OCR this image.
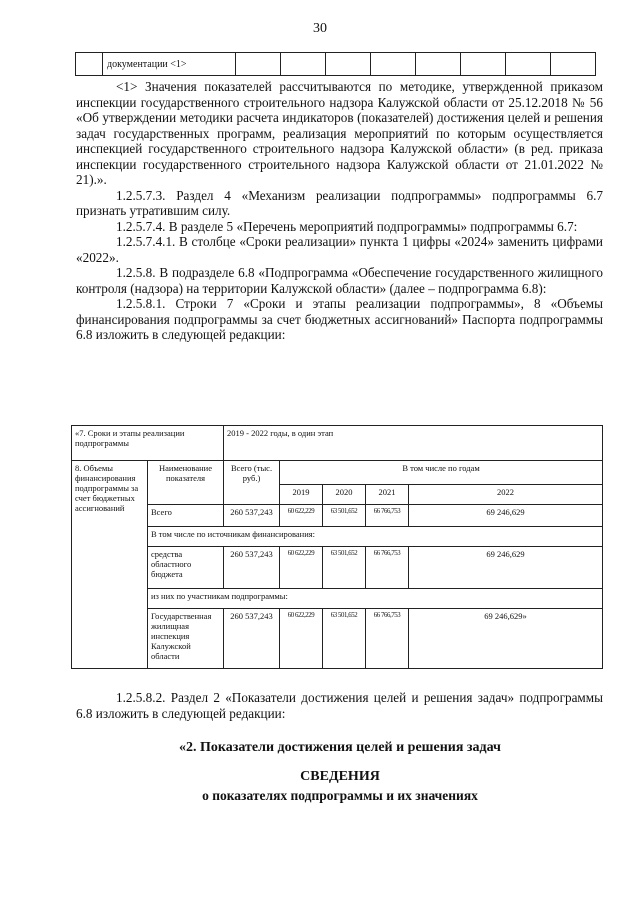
30
	документации <1>								

<1> Значения показателей рассчитываются по методике, утвержденной приказом инспекции государственного строительного надзора Калужской области от 25.12.2018 № 56 «Об утверждении методики расчета индикаторов (показателей) достижения целей и решения задач государственных программ, реализация мероприятий по которым осуществляется инспекцией государственного строительного надзора Калужской области» (в ред. приказа инспекции государственного строительного надзора Калужской области от 21.01.2022 № 21).».

1.2.5.7.3. Раздел 4 «Механизм реализации подпрограммы» подпрограммы 6.7 признать утратившим силу.

1.2.5.7.4. В разделе 5 «Перечень мероприятий подпрограммы» подпрограммы 6.7:

1.2.5.7.4.1. В столбце «Сроки реализации» пункта 1 цифры «2024» заменить цифрами «2022».

1.2.5.8. В подразделе 6.8 «Подпрограмма «Обеспечение государственного жилищного контроля (надзора) на территории Калужской области» (далее – подпрограмма 6.8):

1.2.5.8.1. Строки 7 «Сроки и этапы реализации подпрограммы», 8 «Объемы финансирования подпрограммы за счет бюджетных ассигнований» Паспорта подпрограммы 6.8 изложить в следующей редакции:

«7. Сроки и этапы реализации подпрограммы		2019 - 2022 годы, в один этап				
8. Объемы финансирования подпрограммы за счет бюджетных ассигнований	Наименование показателя	Всего (тыс. руб.)	В том числе по годам			
			2019	2020	2021	2022
	Всего	260 537,243	60 622,229	63 501,652	66 766,753	69 246,629
	В том числе по источникам финансирования:					
	средства областного бюджета	260 537,243	60 622,229	63 501,652	66 766,753	69 246,629
	из них по участникам подпрограммы:					
	Государственная жилищная инспекция Калужской области	260 537,243	60 622,229	63 501,652	66 766,753	69 246,629»

1.2.5.8.2. Раздел 2 «Показатели достижения целей и решения задач» подпрограммы 6.8 изложить в следующей редакции:

«2. Показатели достижения целей и решения задач
СВЕДЕНИЯ
о показателях подпрограммы и их значениях
